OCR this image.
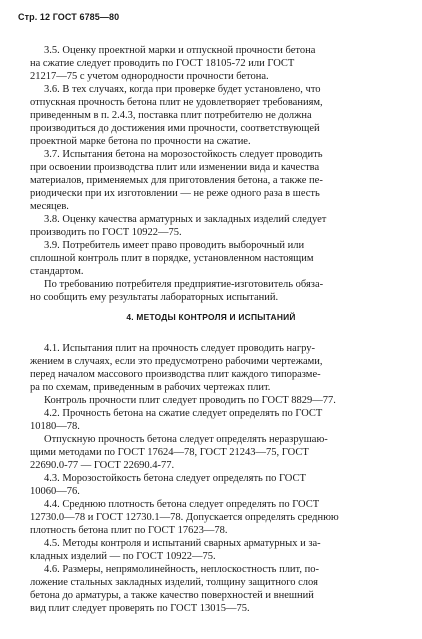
Стр. 12 ГОСТ 6785—80
3.5. Оценку проектной марки и отпускной прочности бетона
на сжатие следует проводить по ГОСТ 18105-72 или ГОСТ
21217—75 с учетом однородности прочности бетона.
3.6. В тех случаях, когда при проверке будет установлено, что
отпускная прочность бетона плит не удовлетворяет требованиям,
приведенным в п. 2.4.3, поставка плит потребителю не должна
производиться до достижения ими прочности, соответствующей
проектной марке бетона по прочности на сжатие.
3.7. Испытания бетона на морозостойкость следует проводить
при освоении производства плит или изменении вида и качества
материалов, применяемых для приготовления бетона, а также пе-
риодически при их изготовлении — не реже одного раза в шесть
месяцев.
3.8. Оценку качества арматурных и закладных изделий следует
производить по ГОСТ 10922—75.
3.9. Потребитель имеет право проводить выборочный или
сплошной контроль плит в порядке, установленном настоящим
стандартом.
По требованию потребителя предприятие-изготовитель обяза-
но сообщить ему результаты лабораторных испытаний.
4. МЕТОДЫ КОНТРОЛЯ И ИСПЫТАНИЙ
4.1. Испытания плит на прочность следует проводить нагру-
жением в случаях, если это предусмотрено рабочими чертежами,
перед началом массового производства плит каждого типоразме-
ра по схемам, приведенным в рабочих чертежах плит.
Контроль прочности плит следует проводить по ГОСТ 8829—77.
4.2. Прочность бетона на сжатие следует определять по ГОСТ
10180—78.
Отпускную прочность бетона следует определять неразрушаю-
щими методами по ГОСТ 17624—78, ГОСТ 21243—75, ГОСТ
22690.0-77 — ГОСТ 22690.4-77.
4.3. Морозостойкость бетона следует определять по ГОСТ
10060—76.
4.4. Среднюю плотность бетона следует определять по ГОСТ
12730.0—78 и ГОСТ 12730.1—78. Допускается определять среднюю
плотность бетона плит по ГОСТ 17623—78.
4.5. Методы контроля и испытаний сварных арматурных и за-
кладных изделий — по ГОСТ 10922—75.
4.6. Размеры, непрямолинейность, неплоскостность плит, по-
ложение стальных закладных изделий, толщину защитного слоя
бетона до арматуры, а также качество поверхностей и внешний
вид плит следует проверять по ГОСТ 13015—75.
